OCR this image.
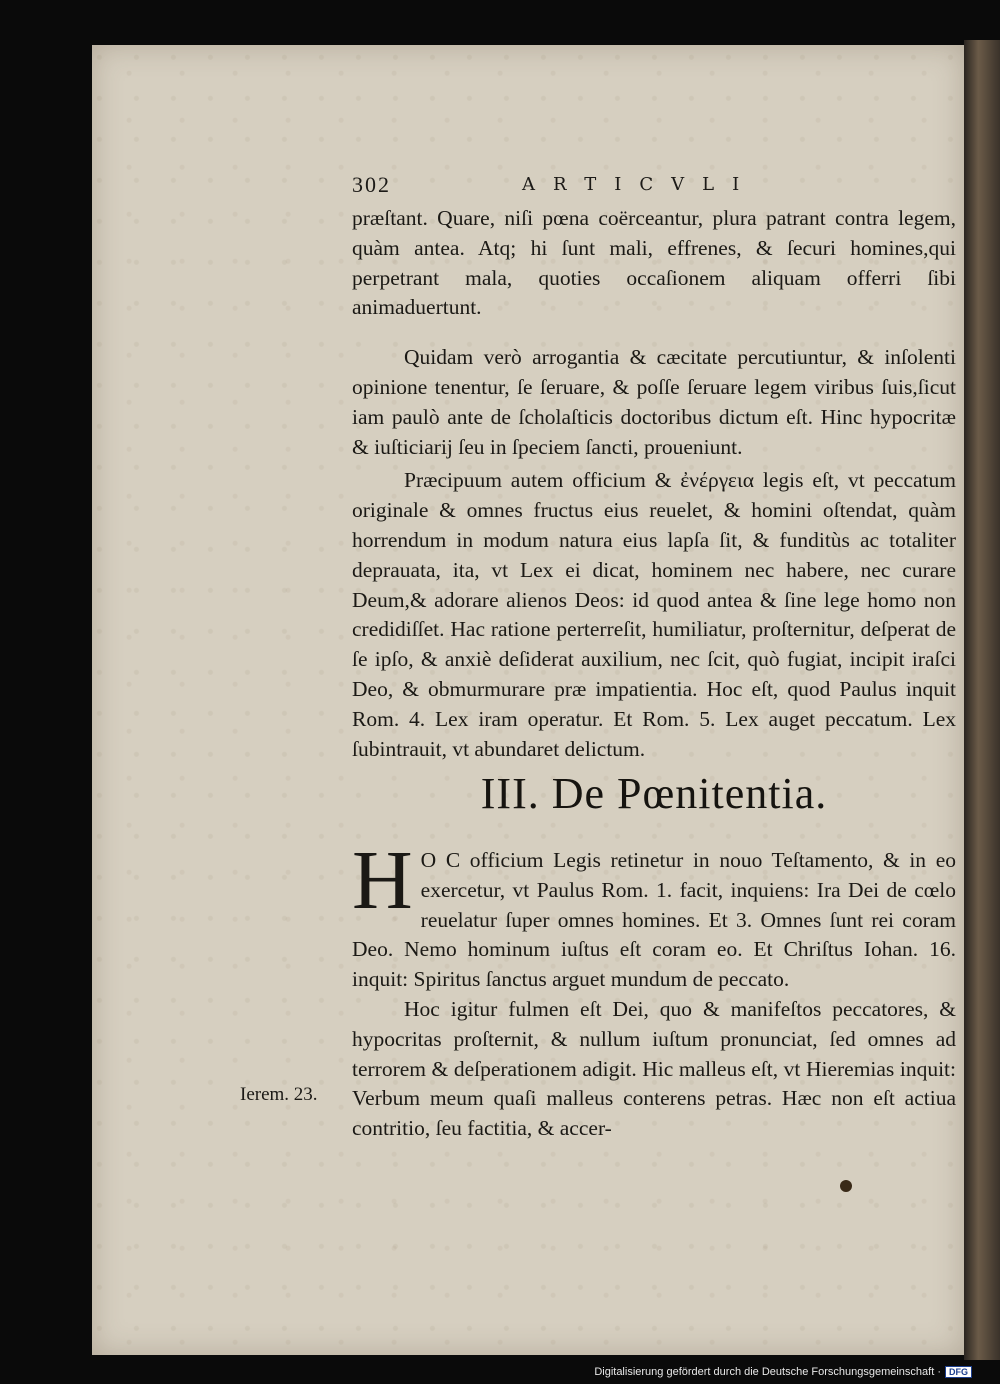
302	ARTICVLI

præſtant. Quare, niſi pœna coërceantur, plura patrant contra legem, quàm antea. Atq; hi ſunt mali, effrenes, & ſecuri homines,qui perpetrant mala, quoties occaſionem aliquam offerri ſibi animaduertunt.

Quidam verò arrogantia & cæcitate percutiuntur, & inſolenti opinione tenentur, ſe ſeruare, & poſſe ſeruare legem viribus ſuis,ſicut iam paulò ante de ſcholaſticis doctoribus dictum eſt. Hinc hypocritæ & iuſticiarij ſeu in ſpeciem ſancti, proueniunt.

Præcipuum autem officium & ἐνέργεια legis eſt, vt peccatum originale & omnes fructus eius reuelet, & homini oſtendat, quàm horrendum in modum natura eius lapſa ſit, & funditùs ac totaliter deprauata, ita, vt Lex ei dicat, hominem nec habere, nec curare Deum,& adorare alienos Deos: id quod antea & ſine lege homo non credidiſſet. Hac ratione perterreſit, humiliatur, proſternitur, deſperat de ſe ipſo, & anxiè deſiderat auxilium, nec ſcit, quò fugiat, incipit iraſci Deo, & obmurmurare præ impatientia. Hoc eſt, quod Paulus inquit Rom. 4. Lex iram operatur. Et Rom. 5. Lex auget peccatum. Lex ſubintrauit, vt abundaret delictum.

III. De Pœnitentia.

H O C officium Legis retinetur in nouo Teſtamento, & in eo exercetur, vt Paulus Rom. 1. facit, inquiens: Ira Dei de cœlo reuelatur ſuper omnes homines. Et 3. Omnes ſunt rei coram Deo. Nemo hominum iuſtus eſt coram eo. Et Chriſtus Iohan. 16. inquit: Spiritus ſanctus arguet mundum de peccato.

Hoc igitur fulmen eſt Dei, quo & manifeſtos peccatores, & hypocritas proſternit, & nullum iuſtum pronunciat, ſed omnes ad terrorem & deſperationem adigit. Hic malleus eſt, vt Hieremias inquit: Verbum meum quaſi malleus conterens petras. Hæc non eſt actiua contritio, ſeu factitia, & accer-

Ierem. 23.
Digitalisierung gefördert durch die Deutsche Forschungsgemeinschaft · DFG
